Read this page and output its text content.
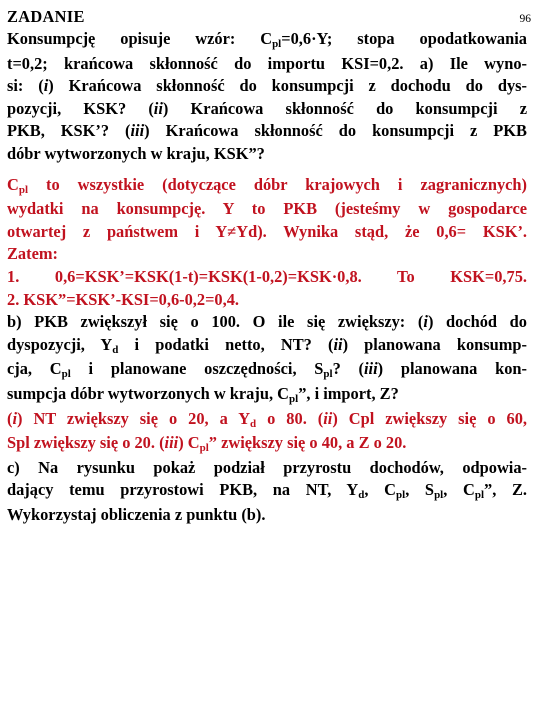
ZADANIE	96
Konsumpcję opisuje wzór: Cpl=0,6·Y; stopa opodatkowania
t=0,2; krańcowa skłonność do importu KSI=0,2. a) Ile wyno-
si: (i) Krańcowa skłonność do konsumpcji z dochodu do dys-
pozycji, KSK? (ii) Krańcowa skłonność do konsumpcji z
PKB, KSK’? (iii) Krańcowa skłonność do konsumpcji z PKB
dóbr wytworzonych w kraju, KSK”?
Cpl to wszystkie (dotyczące dóbr krajowych i zagranicznych)
wydatki na konsumpcję. Y to PKB (jesteśmy w gospodarce
otwartej z państwem i Y≠Yd). Wynika stąd, że 0,6= KSK’.
Zatem:
1. 0,6=KSK’=KSK(1-t)=KSK(1-0,2)=KSK·0,8. To KSK=0,75.
2. KSK”=KSK’-KSI=0,6-0,2=0,4.
b) PKB zwiększył się o 100. O ile się zwiększy: (i) dochód do
dyspozycji, Yd i podatki netto, NT? (ii) planowana konsump-
cja, Cpl i planowane oszczędności, Spl? (iii) planowana kon-
sumpcja dóbr wytworzonych w kraju, Cpl”, i import, Z?
(i) NT zwiększy się o 20, a Yd o 80. (ii) Cpl zwiększy się o 60,
Spl zwiększy się o 20. (iii) Cpl” zwiększy się o 40, a Z o 20.
c) Na rysunku pokaż podział przyrostu dochodów, odpowia-
dający temu przyrostowi PKB, na NT, Yd, Cpl, Spl, Cpl”, Z.
Wykorzystaj obliczenia z punktu (b).
